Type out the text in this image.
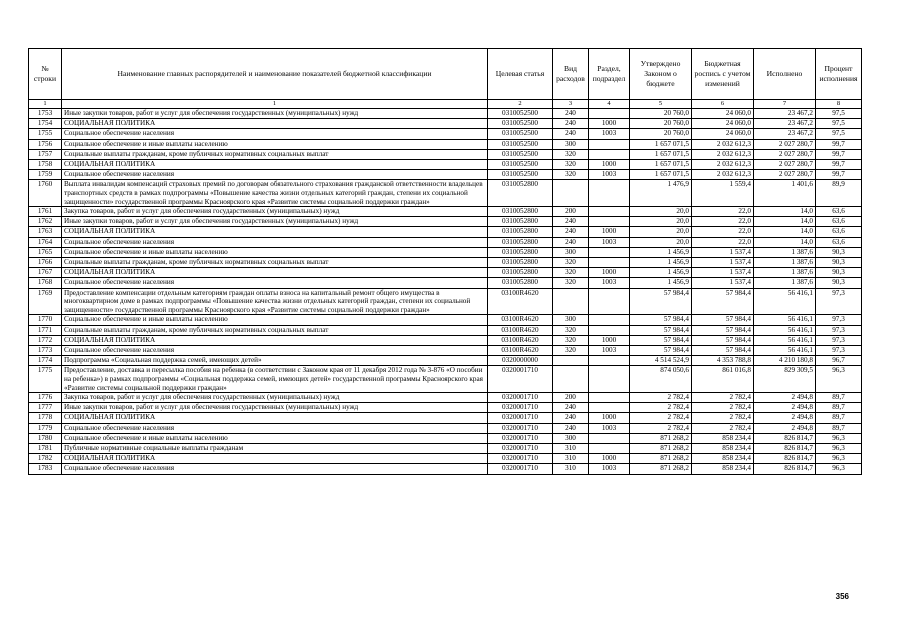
№ строки	Наименование главных распорядителей и наименование показателей бюджетной классификации	Целевая статья	Вид расходов	Раздел, подраздел	Утверждено Законом о бюджете	Бюджетная роспись с учетом изменений	Исполнено	Процент исполнения
1	1	2	3	4	5	6	7	8
1753	Иные закупки товаров, работ и услуг для обеспечения государственных (муниципальных) нужд	0310052500	240		20 760,0	24 060,0	23 467,2	97,5
1754	СОЦИАЛЬНАЯ ПОЛИТИКА	0310052500	240	1000	20 760,0	24 060,0	23 467,2	97,5
1755	Социальное обеспечение населения	0310052500	240	1003	20 760,0	24 060,0	23 467,2	97,5
1756	Социальное обеспечение и иные выплаты населению	0310052500	300		1 657 071,5	2 032 612,3	2 027 280,7	99,7
1757	Социальные выплаты гражданам, кроме публичных нормативных социальных выплат	0310052500	320		1 657 071,5	2 032 612,3	2 027 280,7	99,7
1758	СОЦИАЛЬНАЯ ПОЛИТИКА	0310052500	320	1000	1 657 071,5	2 032 612,3	2 027 280,7	99,7
1759	Социальное обеспечение населения	0310052500	320	1003	1 657 071,5	2 032 612,3	2 027 280,7	99,7
1760	Выплата инвалидам компенсаций страховых премий по договорам обязательного страхования гражданской ответственности владельцев транспортных средств в рамках подпрограммы «Повышение качества жизни отдельных категорий граждан, степени их социальной защищенности» государственной программы Красноярского края «Развитие системы социальной поддержки граждан»	0310052800			1 476,9	1 559,4	1 401,6	89,9
1761	Закупка товаров, работ и услуг для обеспечения государственных (муниципальных) нужд	0310052800	200		20,0	22,0	14,0	63,6
1762	Иные закупки товаров, работ и услуг для обеспечения государственных (муниципальных) нужд	0310052800	240		20,0	22,0	14,0	63,6
1763	СОЦИАЛЬНАЯ ПОЛИТИКА	0310052800	240	1000	20,0	22,0	14,0	63,6
1764	Социальное обеспечение населения	0310052800	240	1003	20,0	22,0	14,0	63,6
1765	Социальное обеспечение и иные выплаты населению	0310052800	300		1 456,9	1 537,4	1 387,6	90,3
1766	Социальные выплаты гражданам, кроме публичных нормативных социальных выплат	0310052800	320		1 456,9	1 537,4	1 387,6	90,3
1767	СОЦИАЛЬНАЯ ПОЛИТИКА	0310052800	320	1000	1 456,9	1 537,4	1 387,6	90,3
1768	Социальное обеспечение населения	0310052800	320	1003	1 456,9	1 537,4	1 387,6	90,3
1769	Предоставление компенсации отдельным категориям граждан оплаты взноса на капитальный ремонт общего имущества в многоквартирном доме в рамках подпрограммы «Повышение качества жизни отдельных категорий граждан, степени их социальной защищенности» государственной программы Красноярского края «Развитие системы социальной поддержки граждан»	03100R4620			57 984,4	57 984,4	56 416,1	97,3
1770	Социальное обеспечение и иные выплаты населению	03100R4620	300		57 984,4	57 984,4	56 416,1	97,3
1771	Социальные выплаты гражданам, кроме публичных нормативных социальных выплат	03100R4620	320		57 984,4	57 984,4	56 416,1	97,3
1772	СОЦИАЛЬНАЯ ПОЛИТИКА	03100R4620	320	1000	57 984,4	57 984,4	56 416,1	97,3
1773	Социальное обеспечение населения	03100R4620	320	1003	57 984,4	57 984,4	56 416,1	97,3
1774	Подпрограмма «Социальная поддержка семей, имеющих детей»	0320000000			4 514 524,9	4 353 788,8	4 210 180,8	96,7
1775	Предоставление, доставка и пересылка пособия на ребенка (в соответствии с Законом края от 11 декабря 2012 года № 3-876 «О пособии на ребенка») в рамках подпрограммы «Социальная поддержка семей, имеющих детей» государственной программы Красноярского края «Развитие системы социальной поддержки граждан»	0320001710			874 050,6	861 016,8	829 309,5	96,3
1776	Закупка товаров, работ и услуг для обеспечения государственных (муниципальных) нужд	0320001710	200		2 782,4	2 782,4	2 494,8	89,7
1777	Иные закупки товаров, работ и услуг для обеспечения государственных (муниципальных) нужд	0320001710	240		2 782,4	2 782,4	2 494,8	89,7
1778	СОЦИАЛЬНАЯ ПОЛИТИКА	0320001710	240	1000	2 782,4	2 782,4	2 494,8	89,7
1779	Социальное обеспечение населения	0320001710	240	1003	2 782,4	2 782,4	2 494,8	89,7
1780	Социальное обеспечение и иные выплаты населению	0320001710	300		871 268,2	858 234,4	826 814,7	96,3
1781	Публичные нормативные социальные выплаты гражданам	0320001710	310		871 268,2	858 234,4	826 814,7	96,3
1782	СОЦИАЛЬНАЯ ПОЛИТИКА	0320001710	310	1000	871 268,2	858 234,4	826 814,7	96,3
1783	Социальное обеспечение населения	0320001710	310	1003	871 268,2	858 234,4	826 814,7	96,3
356
